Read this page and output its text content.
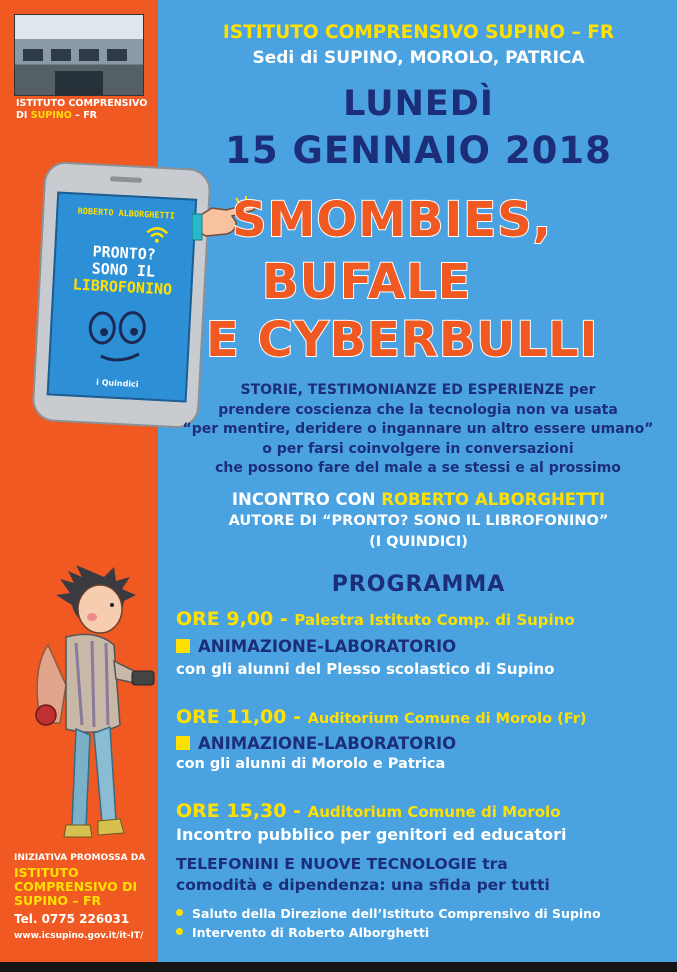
ISTITUTO COMPRENSIVO
DI SUPINO – FR
ISTITUTO COMPRENSIVO SUPINO – FR
Sedi di SUPINO, MOROLO, PATRICA
LUNEDÌ
15 GENNAIO 2018
ROBERTO ALBORGHETTI
PRONTO?
SONO IL
LIBROFONINO
i Quindici
SMOMBIES,
BUFALE
E CYBERBULLI
STORIE, TESTIMONIANZE ED ESPERIENZE per
prendere coscienza che la tecnologia non va usata
“per mentire, deridere o ingannare un altro essere umano”
o per farsi coinvolgere in conversazioni
che possono fare del male a se stessi e al prossimo
INCONTRO CON ROBERTO ALBORGHETTI
AUTORE DI “PRONTO? SONO IL LIBROFONINO”
(I QUINDICI)
PROGRAMMA
ORE 9,00 - Palestra Istituto Comp. di Supino
ANIMAZIONE-LABORATORIO
con gli alunni del Plesso scolastico di Supino
ORE 11,00 - Auditorium Comune di Morolo (Fr)
ANIMAZIONE-LABORATORIO
con gli alunni di Morolo e Patrica
ORE 15,30 - Auditorium Comune di Morolo
Incontro pubblico per genitori ed educatori
TELEFONINI E NUOVE TECNOLOGIE tra
comodità e dipendenza: una sfida per tutti
Saluto della Direzione dell’Istituto Comprensivo di Supino
Intervento di Roberto Alborghetti
INIZIATIVA PROMOSSA DA
ISTITUTO
COMPRENSIVO DI
SUPINO – FR
Tel. 0775 226031
www.icsupino.gov.it/it-IT/
